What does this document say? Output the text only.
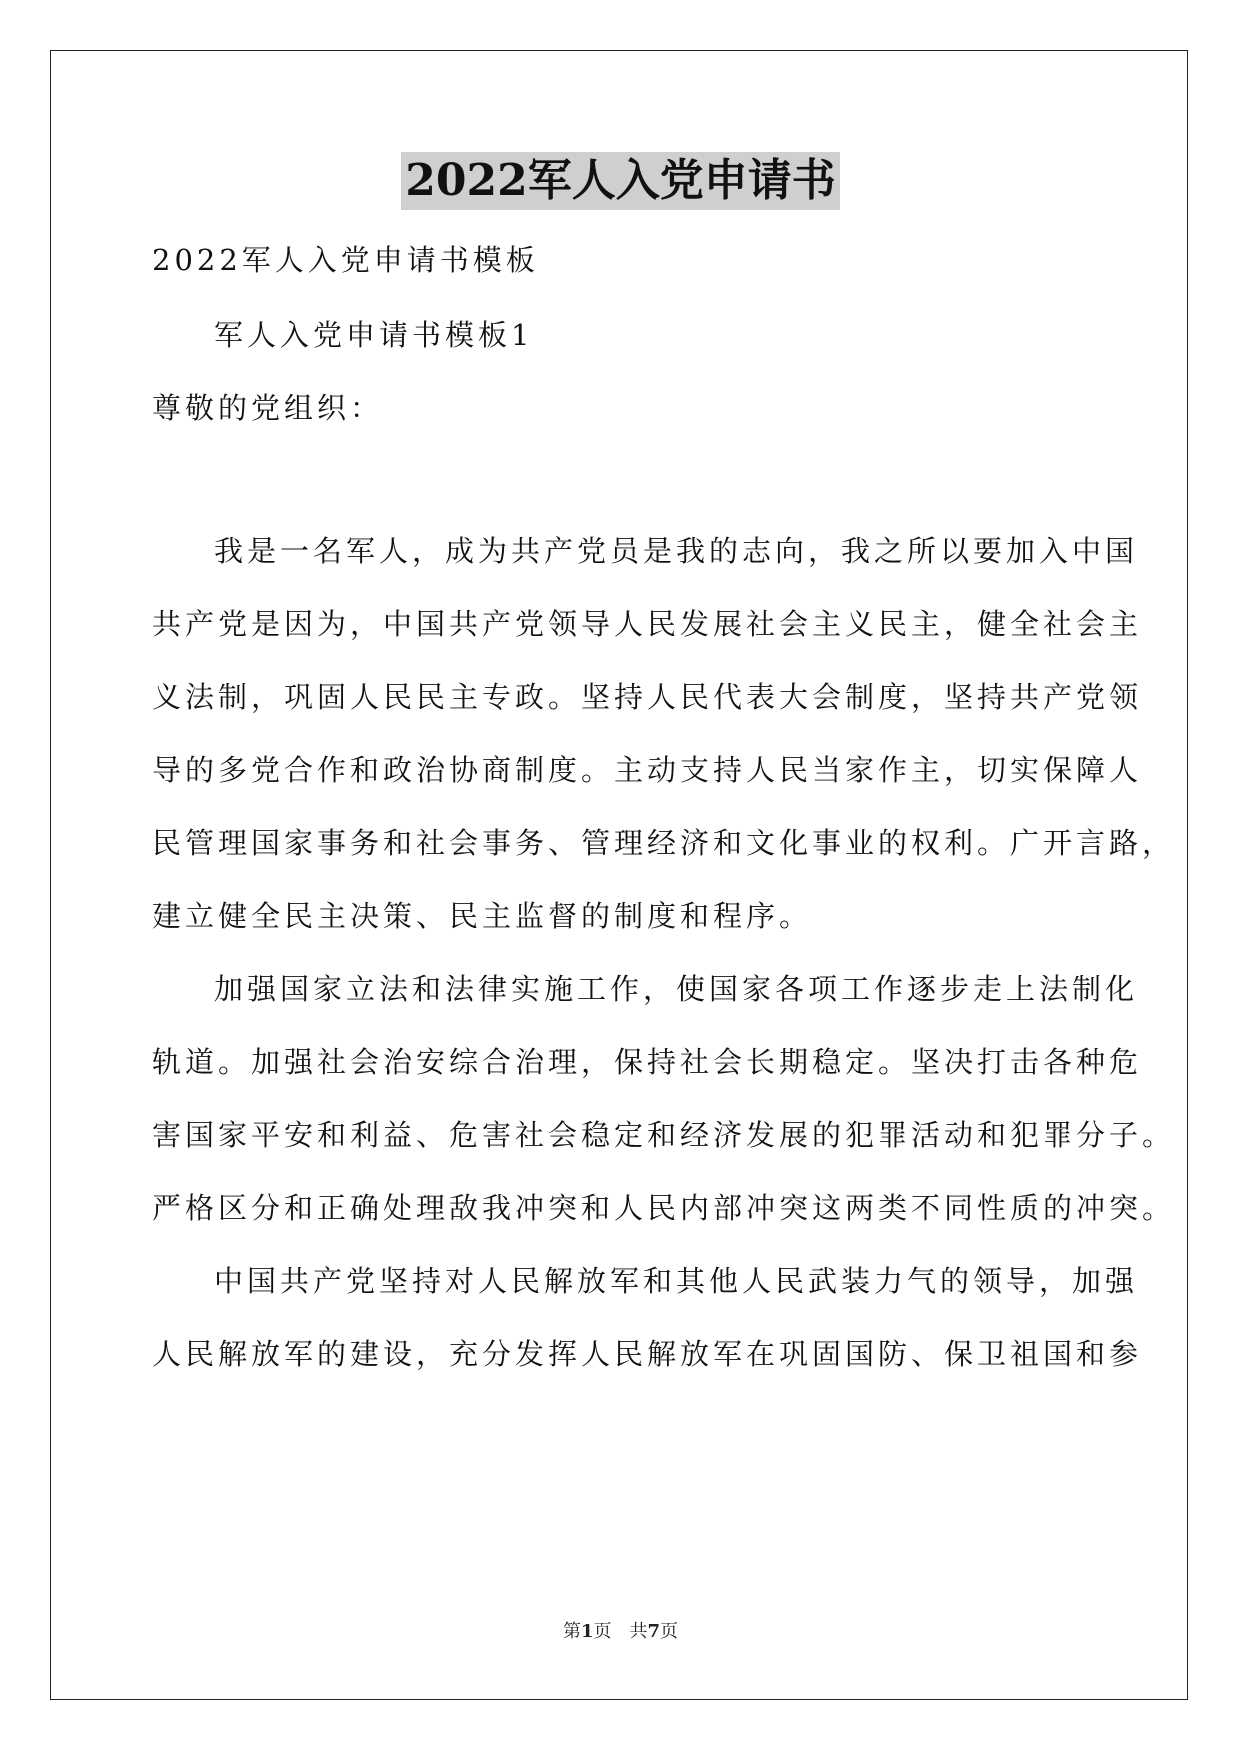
2022军人入党申请书
2022军人入党申请书模板
军人入党申请书模板1
尊敬的党组织：
我是一名军人，成为共产党员是我的志向，我之所以要加入中国
共产党是因为，中国共产党领导人民发展社会主义民主，健全社会主
义法制，巩固人民民主专政。坚持人民代表大会制度，坚持共产党领
导的多党合作和政治协商制度。主动支持人民当家作主，切实保障人
民管理国家事务和社会事务、管理经济和文化事业的权利。广开言路，
建立健全民主决策、民主监督的制度和程序。
加强国家立法和法律实施工作，使国家各项工作逐步走上法制化
轨道。加强社会治安综合治理，保持社会长期稳定。坚决打击各种危
害国家平安和利益、危害社会稳定和经济发展的犯罪活动和犯罪分子。
严格区分和正确处理敌我冲突和人民内部冲突这两类不同性质的冲突。
中国共产党坚持对人民解放军和其他人民武装力气的领导，加强
人民解放军的建设，充分发挥人民解放军在巩固国防、保卫祖国和参
第1页 共7页
